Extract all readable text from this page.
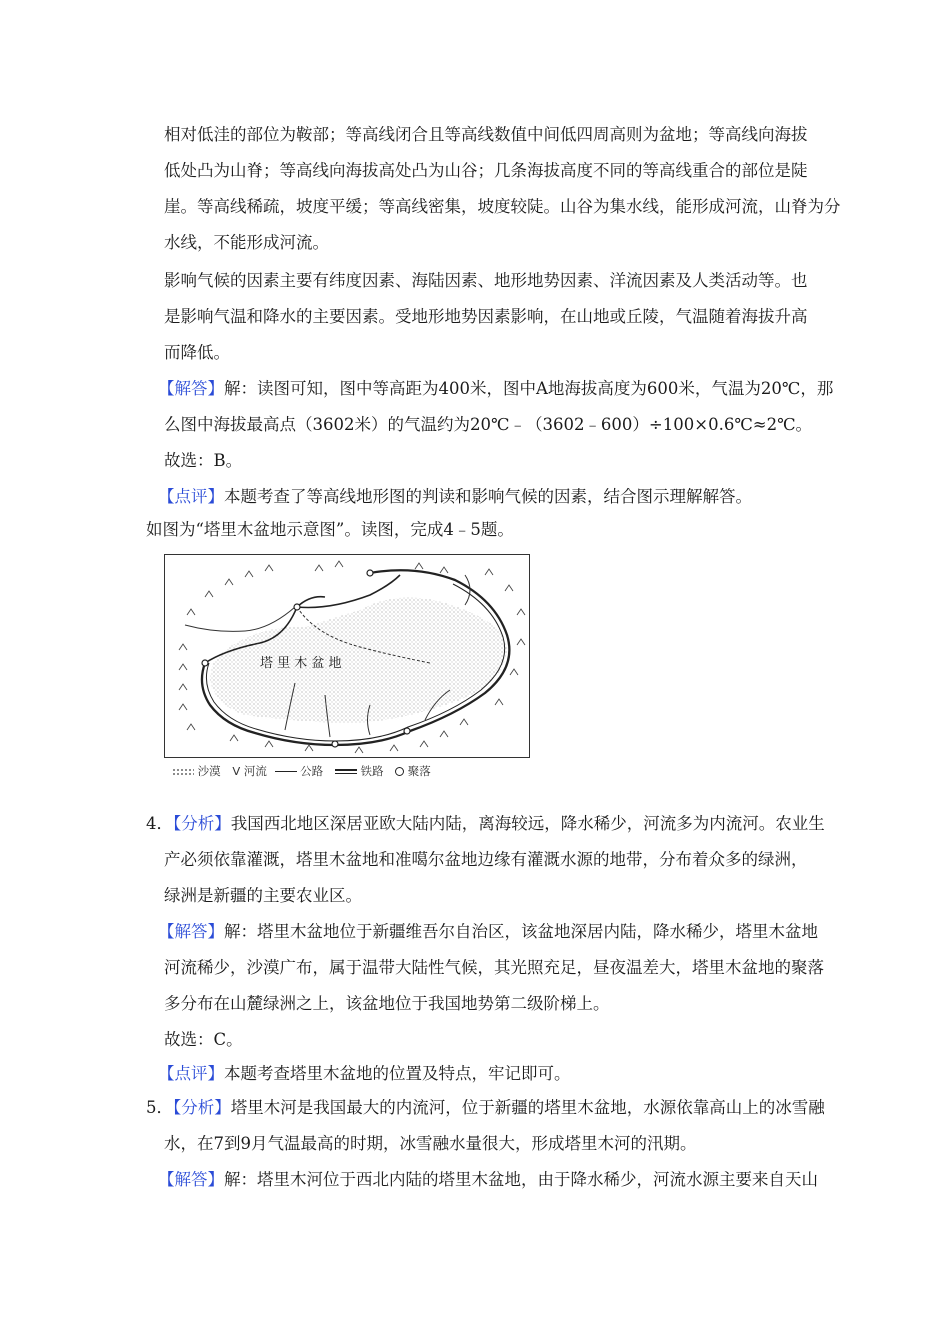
相对低洼的部位为鞍部；等高线闭合且等高线数值中间低四周高则为盆地；等高线向海拔
低处凸为山脊；等高线向海拔高处凸为山谷；几条海拔高度不同的等高线重合的部位是陡
崖。等高线稀疏，坡度平缓；等高线密集，坡度较陡。山谷为集水线，能形成河流，山脊为分
水线，不能形成河流。
影响气候的因素主要有纬度因素、海陆因素、地形地势因素、洋流因素及人类活动等。也
是影响气温和降水的主要因素。受地形地势因素影响，在山地或丘陵，气温随着海拔升高
而降低。
【解答】解：读图可知，图中等高距为400米，图中A地海拔高度为600米，气温为20℃，那
么图中海拔最高点（3602米）的气温约为20℃﹣（3602﹣600）÷100×0.6℃≈2℃。
故选：B。
【点评】本题考查了等高线地形图的判读和影响气候的因素，结合图示理解解答。
如图为“塔里木盆地示意图”。读图，完成4﹣5题。
塔 里 木 盆 地
沙漠 ᐯ 河流	公路	铁路 聚落
4．【分析】我国西北地区深居亚欧大陆内陆，离海较远，降水稀少，河流多为内流河。农业生
产必须依靠灌溉，塔里木盆地和准噶尔盆地边缘有灌溉水源的地带，分布着众多的绿洲，
绿洲是新疆的主要农业区。
【解答】解：塔里木盆地位于新疆维吾尔自治区，该盆地深居内陆，降水稀少，塔里木盆地
河流稀少，沙漠广布，属于温带大陆性气候，其光照充足，昼夜温差大，塔里木盆地的聚落
多分布在山麓绿洲之上，该盆地位于我国地势第二级阶梯上。
故选：C。
【点评】本题考查塔里木盆地的位置及特点，牢记即可。
5．【分析】塔里木河是我国最大的内流河，位于新疆的塔里木盆地，水源依靠高山上的冰雪融
水，在7到9月气温最高的时期，冰雪融水量很大，形成塔里木河的汛期。
【解答】解：塔里木河位于西北内陆的塔里木盆地，由于降水稀少，河流水源主要来自天山
